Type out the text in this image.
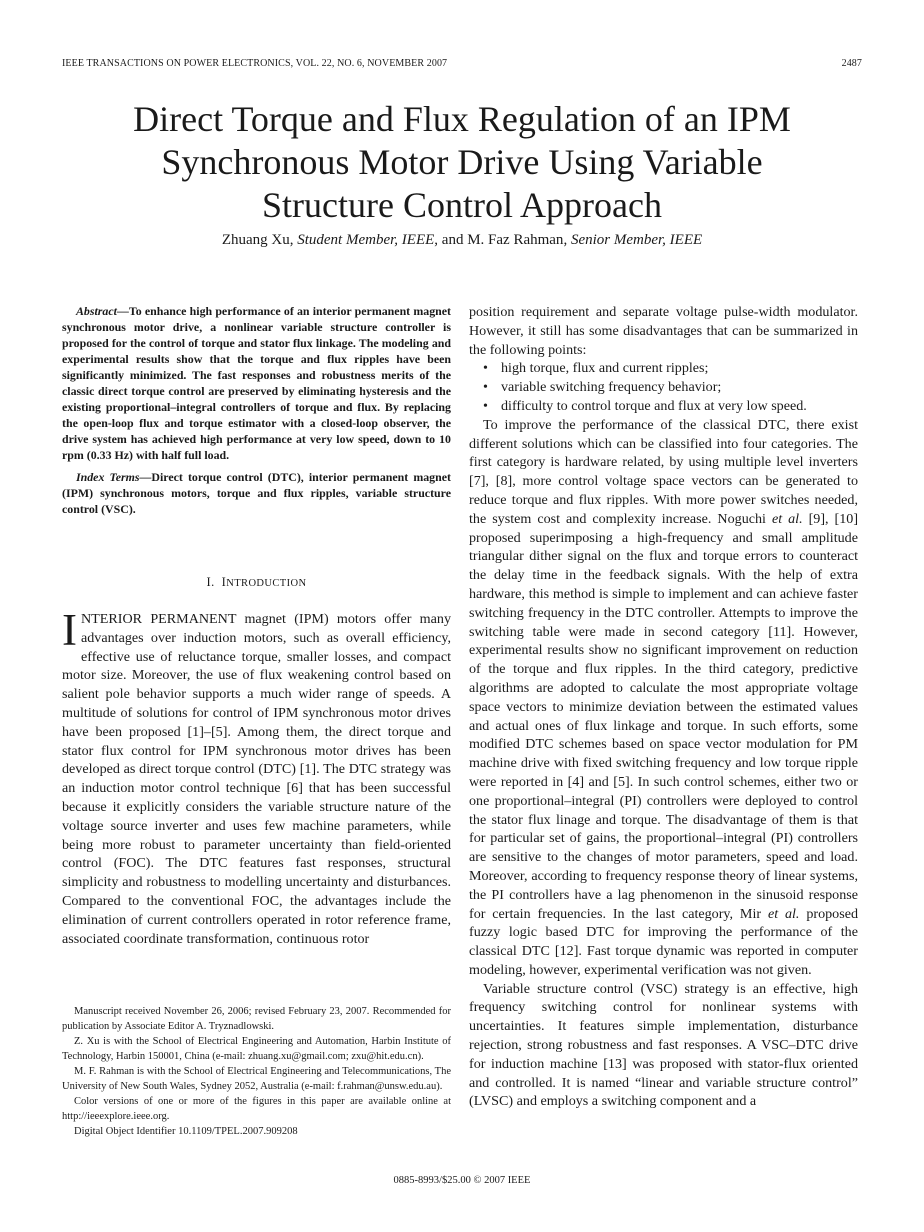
IEEE TRANSACTIONS ON POWER ELECTRONICS, VOL. 22, NO. 6, NOVEMBER 2007	2487
Direct Torque and Flux Regulation of an IPM
Synchronous Motor Drive Using Variable
Structure Control Approach
Zhuang Xu, Student Member, IEEE, and M. Faz Rahman, Senior Member, IEEE

Abstract—To enhance high performance of an interior permanent magnet synchronous motor drive, a nonlinear variable structure controller is proposed for the control of torque and stator flux linkage. The modeling and experimental results show that the torque and flux ripples have been significantly minimized. The fast responses and robustness merits of the classic direct torque control are preserved by eliminating hysteresis and the existing proportional–integral controllers of torque and flux. By replacing the open-loop flux and torque estimator with a closed-loop observer, the drive system has achieved high performance at very low speed, down to 10 rpm (0.33 Hz) with half full load.

Index Terms—Direct torque control (DTC), interior permanent magnet (IPM) synchronous motors, torque and flux ripples, variable structure control (VSC).

I. INTRODUCTION

INTERIOR PERMANENT magnet (IPM) motors offer many advantages over induction motors, such as overall efficiency, effective use of reluctance torque, smaller losses, and compact motor size. Moreover, the use of flux weakening control based on salient pole behavior supports a much wider range of speeds. A multitude of solutions for control of IPM synchronous motor drives have been proposed [1]–[5]. Among them, the direct torque and stator flux control for IPM synchronous motor drives has been developed as direct torque control (DTC) [1]. The DTC strategy was an induction motor control technique [6] that has been successful because it explicitly considers the variable structure nature of the voltage source inverter and uses few machine parameters, while being more robust to parameter uncertainty than field-oriented control (FOC). The DTC features fast responses, structural simplicity and robustness to modelling uncertainty and disturbances. Compared to the conventional FOC, the advantages include the elimination of current controllers operated in rotor reference frame, associated coordinate transformation, continuous rotor

Manuscript received November 26, 2006; revised February 23, 2007. Recommended for publication by Associate Editor A. Tryznadlowski.

Z. Xu is with the School of Electrical Engineering and Automation, Harbin Institute of Technology, Harbin 150001, China (e-mail: zhuang.xu@gmail.com; zxu@hit.edu.cn).

M. F. Rahman is with the School of Electrical Engineering and Telecommunications, The University of New South Wales, Sydney 2052, Australia (e-mail: f.rahman@unsw.edu.au).

Color versions of one or more of the figures in this paper are available online at http://ieeexplore.ieee.org.

Digital Object Identifier 10.1109/TPEL.2007.909208

position requirement and separate voltage pulse-width modulator. However, it still has some disadvantages that can be summarized in the following points:

• high torque, flux and current ripples;
• variable switching frequency behavior;
• difficulty to control torque and flux at very low speed.

To improve the performance of the classical DTC, there exist different solutions which can be classified into four categories. The first category is hardware related, by using multiple level inverters [7], [8], more control voltage space vectors can be generated to reduce torque and flux ripples. With more power switches needed, the system cost and complexity increase. Noguchi et al. [9], [10] proposed superimposing a high-frequency and small amplitude triangular dither signal on the flux and torque errors to counteract the delay time in the feedback signals. With the help of extra hardware, this method is simple to implement and can achieve faster switching frequency in the DTC controller. Attempts to improve the switching table were made in second category [11]. However, experimental results show no significant improvement on reduction of the torque and flux ripples. In the third category, predictive algorithms are adopted to calculate the most appropriate voltage space vectors to minimize deviation between the estimated values and actual ones of flux linkage and torque. In such efforts, some modified DTC schemes based on space vector modulation for PM machine drive with fixed switching frequency and low torque ripple were reported in [4] and [5]. In such control schemes, either two or one proportional–integral (PI) controllers were deployed to control the stator flux linage and torque. The disadvantage of them is that for particular set of gains, the proportional–integral (PI) controllers are sensitive to the changes of motor parameters, speed and load. Moreover, according to frequency response theory of linear systems, the PI controllers have a lag phenomenon in the sinusoid response for certain frequencies. In the last category, Mir et al. proposed fuzzy logic based DTC for improving the performance of the classical DTC [12]. Fast torque dynamic was reported in computer modeling, however, experimental verification was not given.

Variable structure control (VSC) strategy is an effective, high frequency switching control for nonlinear systems with uncertainties. It features simple implementation, disturbance rejection, strong robustness and fast responses. A VSC–DTC drive for induction machine [13] was proposed with stator-flux oriented and controlled. It is named “linear and variable structure control” (LVSC) and employs a switching component and a

0885-8993/$25.00 © 2007 IEEE
